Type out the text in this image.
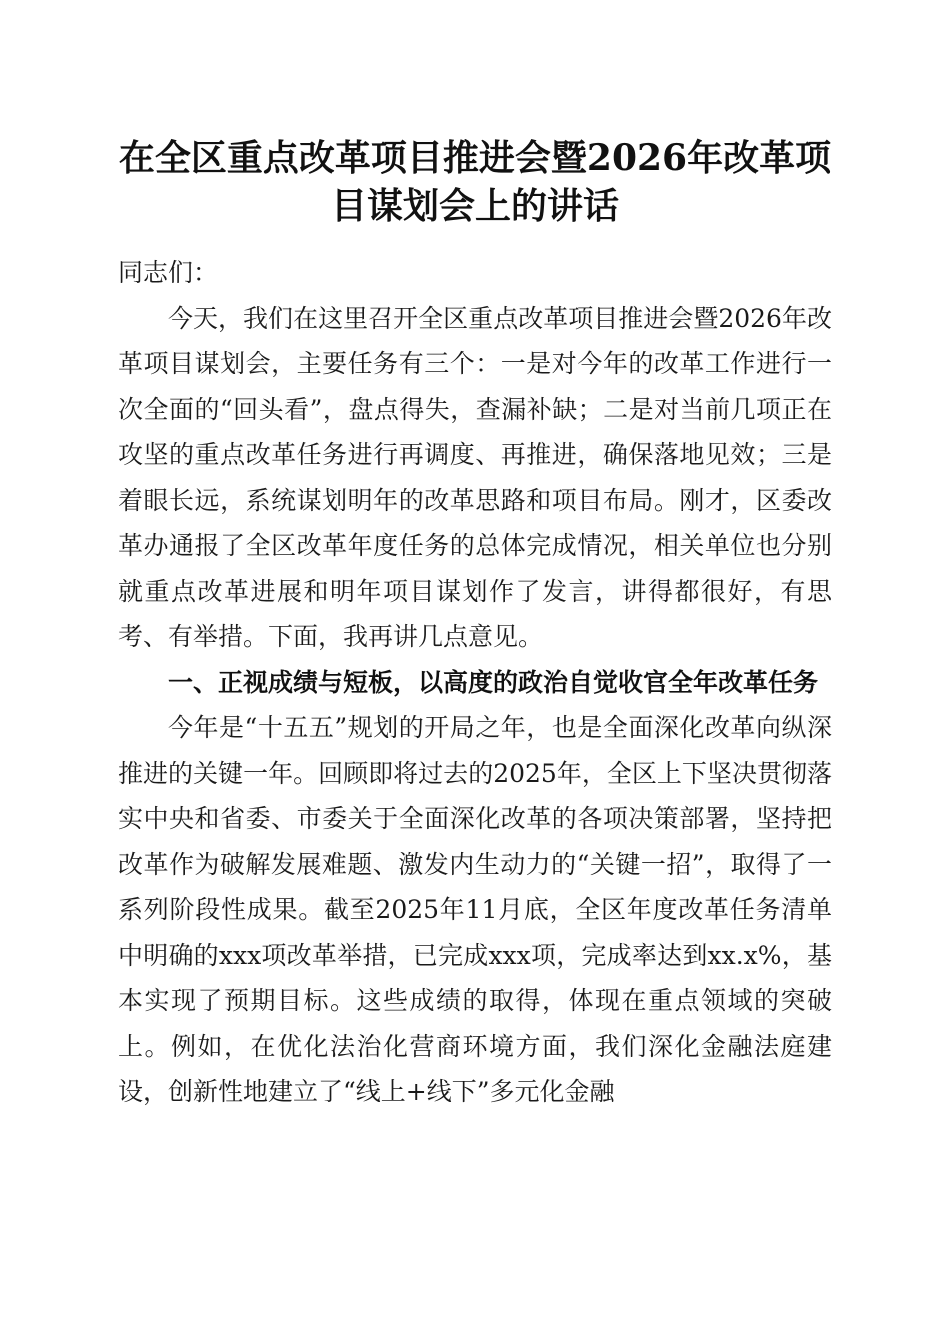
在全区重点改革项目推进会暨2026年改革项目谋划会上的讲话

同志们：

今天，我们在这里召开全区重点改革项目推进会暨2026年改革项目谋划会，主要任务有三个：一是对今年的改革工作进行一次全面的“回头看”，盘点得失，查漏补缺；二是对当前几项正在攻坚的重点改革任务进行再调度、再推进，确保落地见效；三是着眼长远，系统谋划明年的改革思路和项目布局。刚才，区委改革办通报了全区改革年度任务的总体完成情况，相关单位也分别就重点改革进展和明年项目谋划作了发言，讲得都很好，有思考、有举措。下面，我再讲几点意见。

一、正视成绩与短板，以高度的政治自觉收官全年改革任务

今年是“十五五”规划的开局之年，也是全面深化改革向纵深推进的关键一年。回顾即将过去的2025年，全区上下坚决贯彻落实中央和省委、市委关于全面深化改革的各项决策部署，坚持把改革作为破解发展难题、激发内生动力的“关键一招”，取得了一系列阶段性成果。截至2025年11月底，全区年度改革任务清单中明确的xxx项改革举措，已完成xxx项，完成率达到xx.x%，基本实现了预期目标。这些成绩的取得，体现在重点领域的突破上。例如，在优化法治化营商环境方面，我们深化金融法庭建设，创新性地建立了“线上+线下”多元化金融
